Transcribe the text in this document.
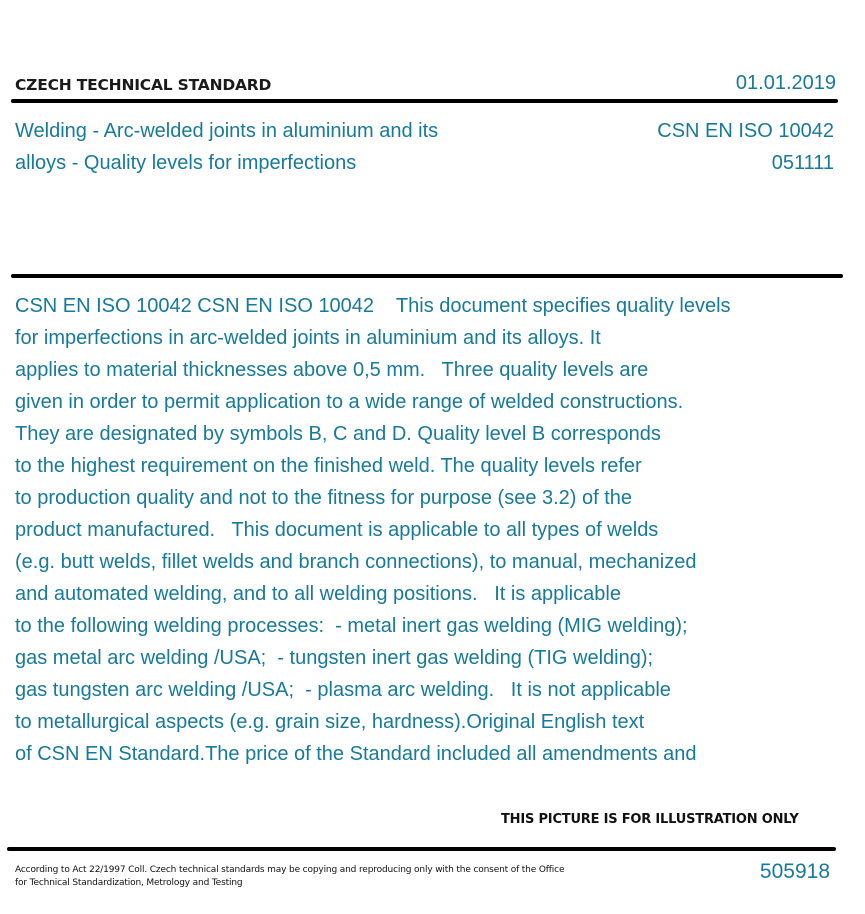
CZECH TECHNICAL STANDARD	01.01.2019
Welding - Arc-welded joints in aluminium and its
alloys - Quality levels for imperfections
CSN EN ISO 10042
051111
CSN EN ISO 10042 CSN EN ISO 10042    This document specifies quality levels
for imperfections in arc-welded joints in aluminium and its alloys. It
applies to material thicknesses above 0,5 mm.   Three quality levels are
given in order to permit application to a wide range of welded constructions.
They are designated by symbols B, C and D. Quality level B corresponds
to the highest requirement on the finished weld. The quality levels refer
to production quality and not to the fitness for purpose (see 3.2) of the
product manufactured.   This document is applicable to all types of welds
(e.g. butt welds, fillet welds and branch connections), to manual, mechanized
and automated welding, and to all welding positions.   It is applicable
to the following welding processes:  - metal inert gas welding (MIG welding);
gas metal arc welding /USA;  - tungsten inert gas welding (TIG welding);
gas tungsten arc welding /USA;  - plasma arc welding.   It is not applicable
to metallurgical aspects (e.g. grain size, hardness).Original English text
of CSN EN Standard.The price of the Standard included all amendments and
THIS PICTURE IS FOR ILLUSTRATION ONLY
According to Act 22/1997 Coll. Czech technical standards may be copying and reproducing only with the consent of the Office
for Technical Standardization, Metrology and Testing	505918
